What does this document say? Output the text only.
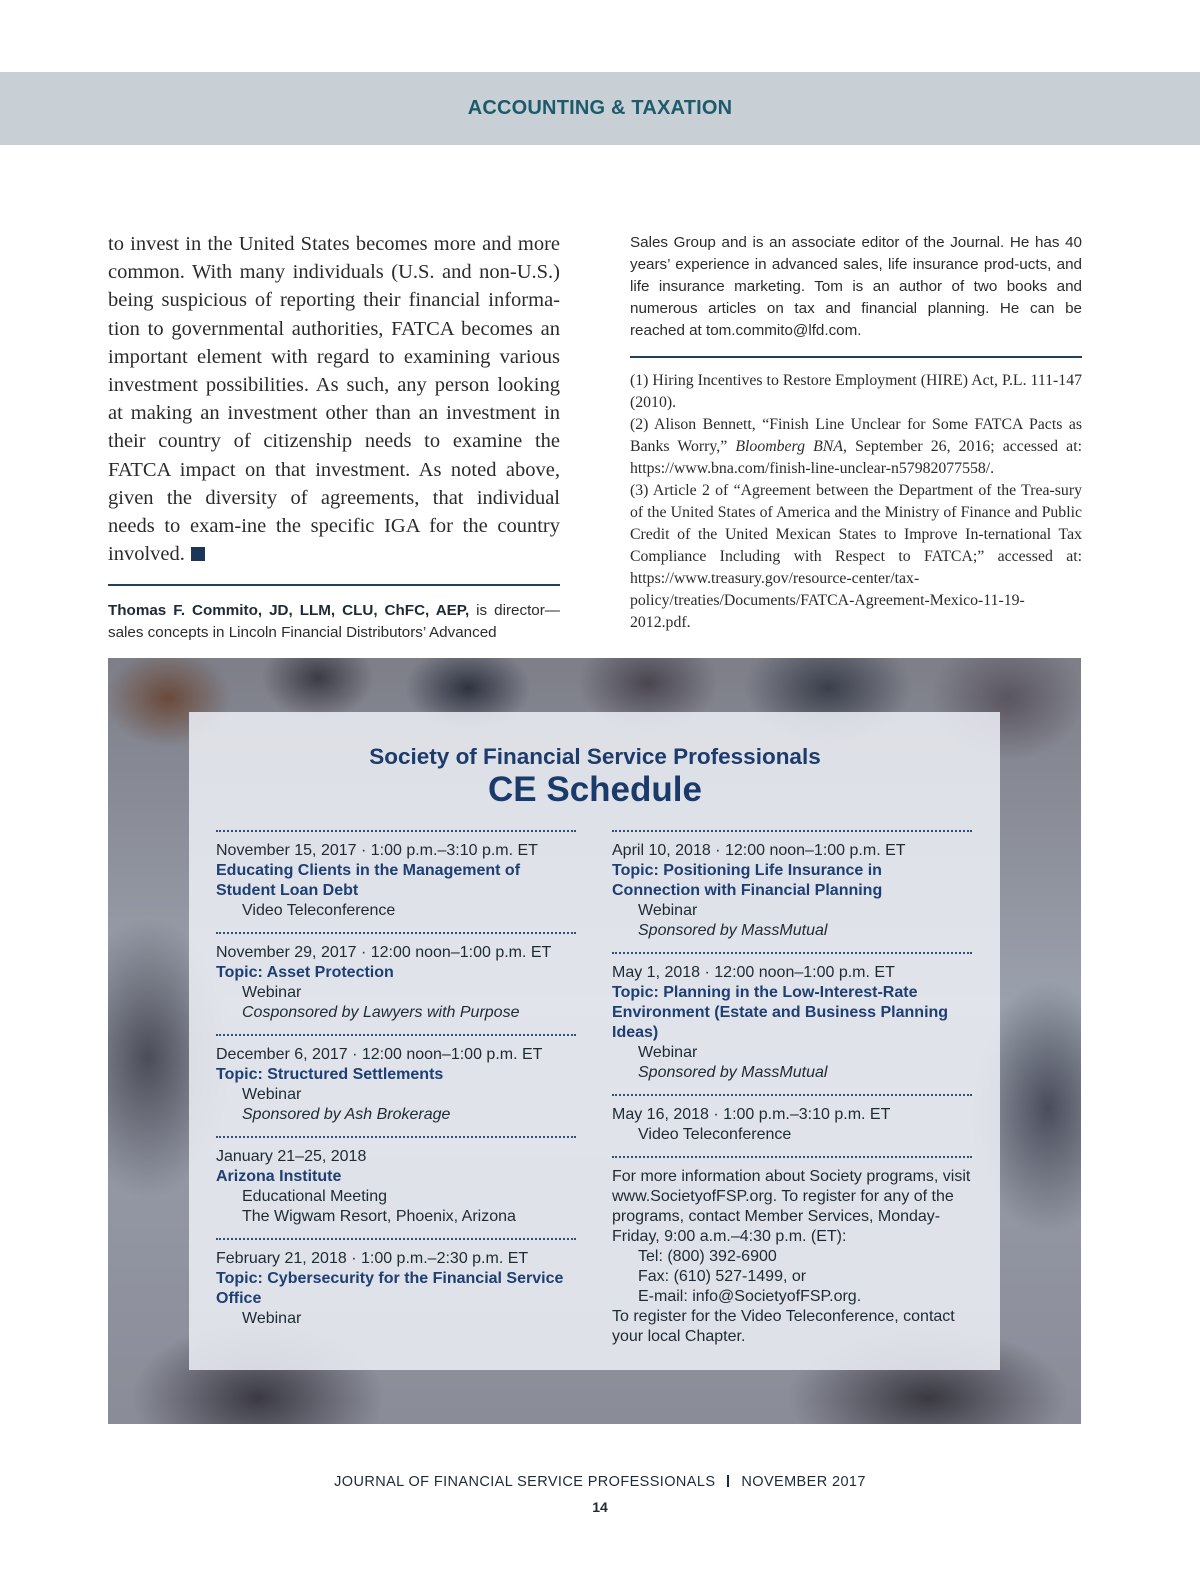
ACCOUNTING & TAXATION

to invest in the United States becomes more and more common. With many individuals (U.S. and non-U.S.) being suspicious of reporting their financial informa-tion to governmental authorities, FATCA becomes an important element with regard to examining various investment possibilities. As such, any person looking at making an investment other than an investment in their country of citizenship needs to examine the FATCA impact on that investment. As noted above, given the diversity of agreements, that individual needs to exam-ine the specific IGA for the country involved.

Thomas F. Commito, JD, LLM, CLU, ChFC, AEP, is director—sales concepts in Lincoln Financial Distributors’ Advanced

Sales Group and is an associate editor of the Journal. He has 40 years’ experience in advanced sales, life insurance prod-ucts, and life insurance marketing. Tom is an author of two books and numerous articles on tax and financial planning. He can be reached at tom.commito@lfd.com.

(1) Hiring Incentives to Restore Employment (HIRE) Act, P.L. 111-147 (2010).

(2) Alison Bennett, “Finish Line Unclear for Some FATCA Pacts as Banks Worry,” Bloomberg BNA, September 26, 2016; accessed at: https://www.bna.com/finish-line-unclear-n57982077558/.

(3) Article 2 of “Agreement between the Department of the Trea-sury of the United States of America and the Ministry of Finance and Public Credit of the United Mexican States to Improve In-ternational Tax Compliance Including with Respect to FATCA;” accessed at: https://www.treasury.gov/resource-center/tax-policy/treaties/Documents/FATCA-Agreement-Mexico-11-19-2012.pdf.

Society of Financial Service Professionals
CE Schedule
November 15, 2017 · 1:00 p.m.–3:10 p.m. ET
Educating Clients in the Management of Student Loan Debt
Video Teleconference
November 29, 2017 · 12:00 noon–1:00 p.m. ET
Topic: Asset Protection
Webinar
Cosponsored by Lawyers with Purpose
December 6, 2017 · 12:00 noon–1:00 p.m. ET
Topic: Structured Settlements
Webinar
Sponsored by Ash Brokerage
January 21–25, 2018
Arizona Institute
Educational Meeting
The Wigwam Resort, Phoenix, Arizona
February 21, 2018 · 1:00 p.m.–2:30 p.m. ET
Topic: Cybersecurity for the Financial Service Office
Webinar
April 10, 2018 · 12:00 noon–1:00 p.m. ET
Topic: Positioning Life Insurance in Connection with Financial Planning
Webinar
Sponsored by MassMutual
May 1, 2018 · 12:00 noon–1:00 p.m. ET
Topic: Planning in the Low-Interest-Rate Environment (Estate and Business Planning Ideas)
Webinar
Sponsored by MassMutual
May 16, 2018 · 1:00 p.m.–3:10 p.m. ET
Video Teleconference
For more information about Society programs, visit www.SocietyofFSP.org. To register for any of the programs, contact Member Services, Monday-Friday, 9:00 a.m.–4:30 p.m. (ET):
Tel: (800) 392-6900
Fax: (610) 527-1499, or
E-mail: info@SocietyofFSP.org.
To register for the Video Teleconference, contact your local Chapter.
JOURNAL OF FINANCIAL SERVICE PROFESSIONALS NOVEMBER 2017
14
